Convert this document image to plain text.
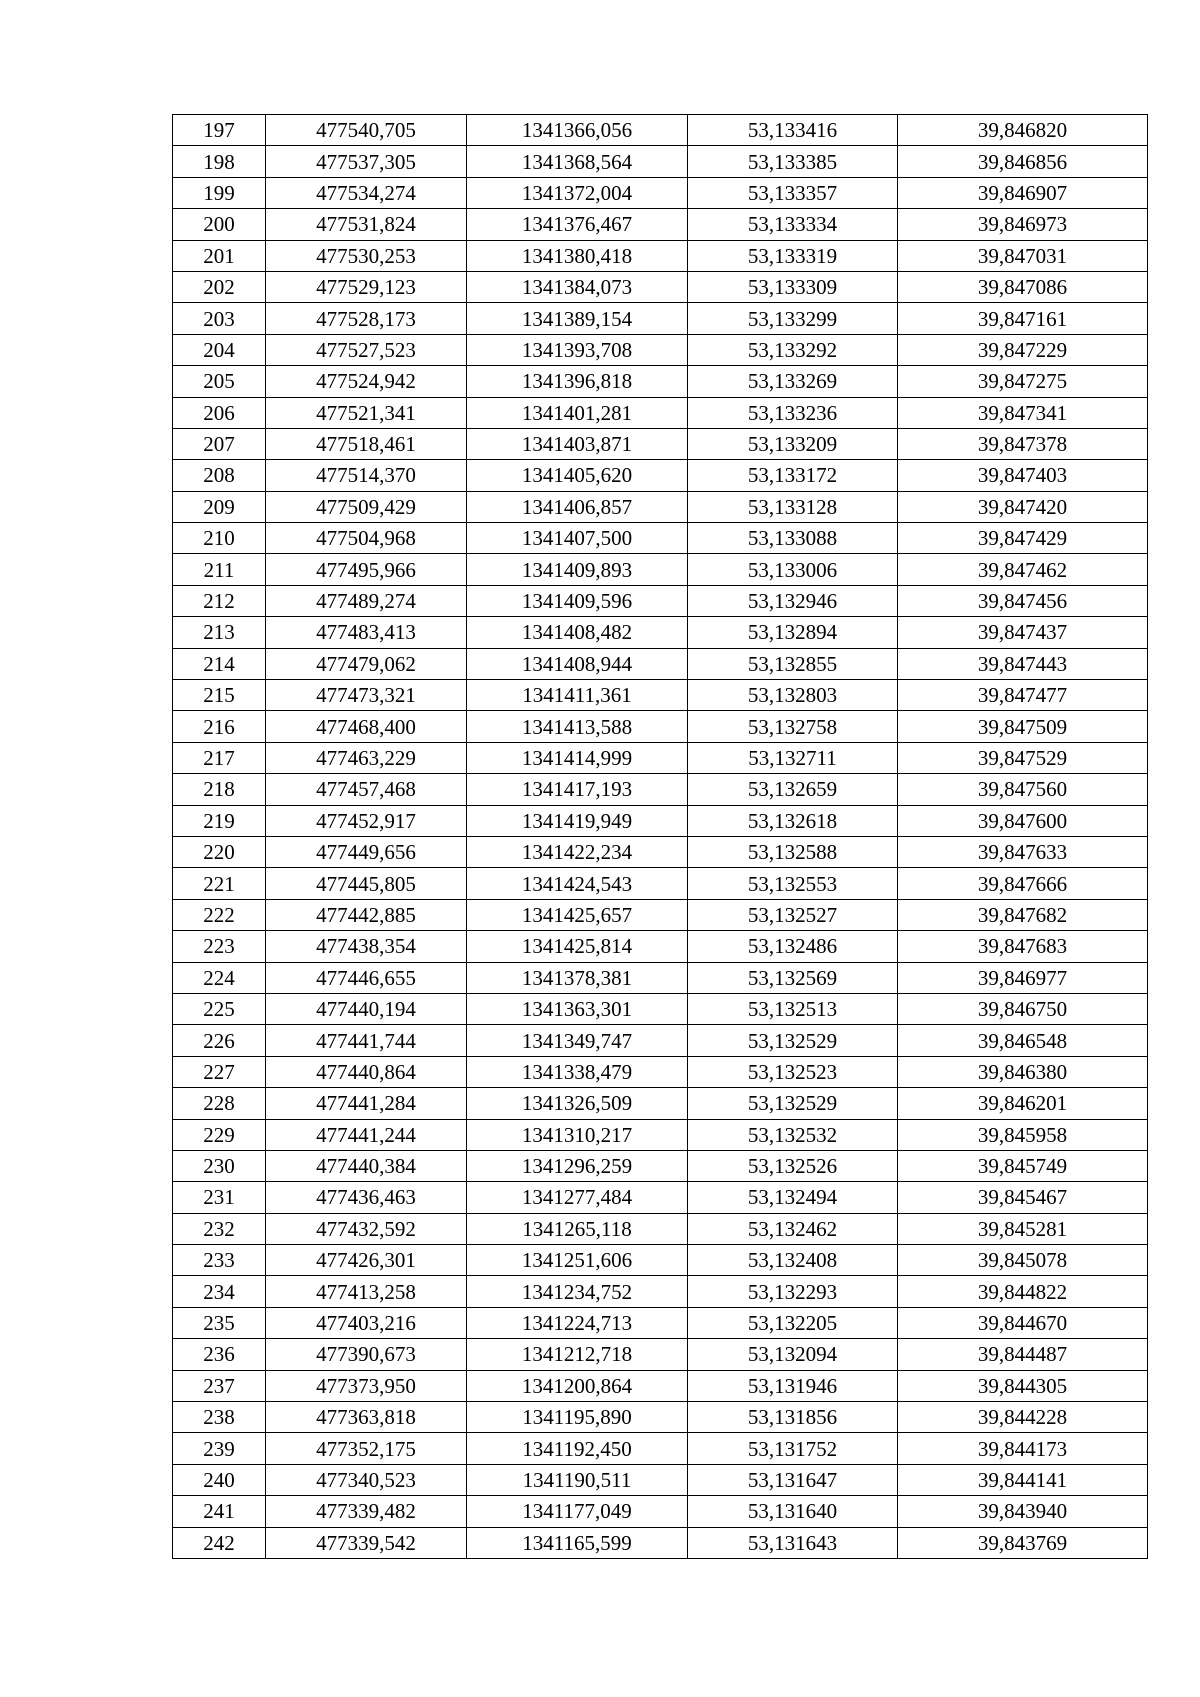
197	477540,705	1341366,056	53,133416	39,846820
198	477537,305	1341368,564	53,133385	39,846856
199	477534,274	1341372,004	53,133357	39,846907
200	477531,824	1341376,467	53,133334	39,846973
201	477530,253	1341380,418	53,133319	39,847031
202	477529,123	1341384,073	53,133309	39,847086
203	477528,173	1341389,154	53,133299	39,847161
204	477527,523	1341393,708	53,133292	39,847229
205	477524,942	1341396,818	53,133269	39,847275
206	477521,341	1341401,281	53,133236	39,847341
207	477518,461	1341403,871	53,133209	39,847378
208	477514,370	1341405,620	53,133172	39,847403
209	477509,429	1341406,857	53,133128	39,847420
210	477504,968	1341407,500	53,133088	39,847429
211	477495,966	1341409,893	53,133006	39,847462
212	477489,274	1341409,596	53,132946	39,847456
213	477483,413	1341408,482	53,132894	39,847437
214	477479,062	1341408,944	53,132855	39,847443
215	477473,321	1341411,361	53,132803	39,847477
216	477468,400	1341413,588	53,132758	39,847509
217	477463,229	1341414,999	53,132711	39,847529
218	477457,468	1341417,193	53,132659	39,847560
219	477452,917	1341419,949	53,132618	39,847600
220	477449,656	1341422,234	53,132588	39,847633
221	477445,805	1341424,543	53,132553	39,847666
222	477442,885	1341425,657	53,132527	39,847682
223	477438,354	1341425,814	53,132486	39,847683
224	477446,655	1341378,381	53,132569	39,846977
225	477440,194	1341363,301	53,132513	39,846750
226	477441,744	1341349,747	53,132529	39,846548
227	477440,864	1341338,479	53,132523	39,846380
228	477441,284	1341326,509	53,132529	39,846201
229	477441,244	1341310,217	53,132532	39,845958
230	477440,384	1341296,259	53,132526	39,845749
231	477436,463	1341277,484	53,132494	39,845467
232	477432,592	1341265,118	53,132462	39,845281
233	477426,301	1341251,606	53,132408	39,845078
234	477413,258	1341234,752	53,132293	39,844822
235	477403,216	1341224,713	53,132205	39,844670
236	477390,673	1341212,718	53,132094	39,844487
237	477373,950	1341200,864	53,131946	39,844305
238	477363,818	1341195,890	53,131856	39,844228
239	477352,175	1341192,450	53,131752	39,844173
240	477340,523	1341190,511	53,131647	39,844141
241	477339,482	1341177,049	53,131640	39,843940
242	477339,542	1341165,599	53,131643	39,843769
